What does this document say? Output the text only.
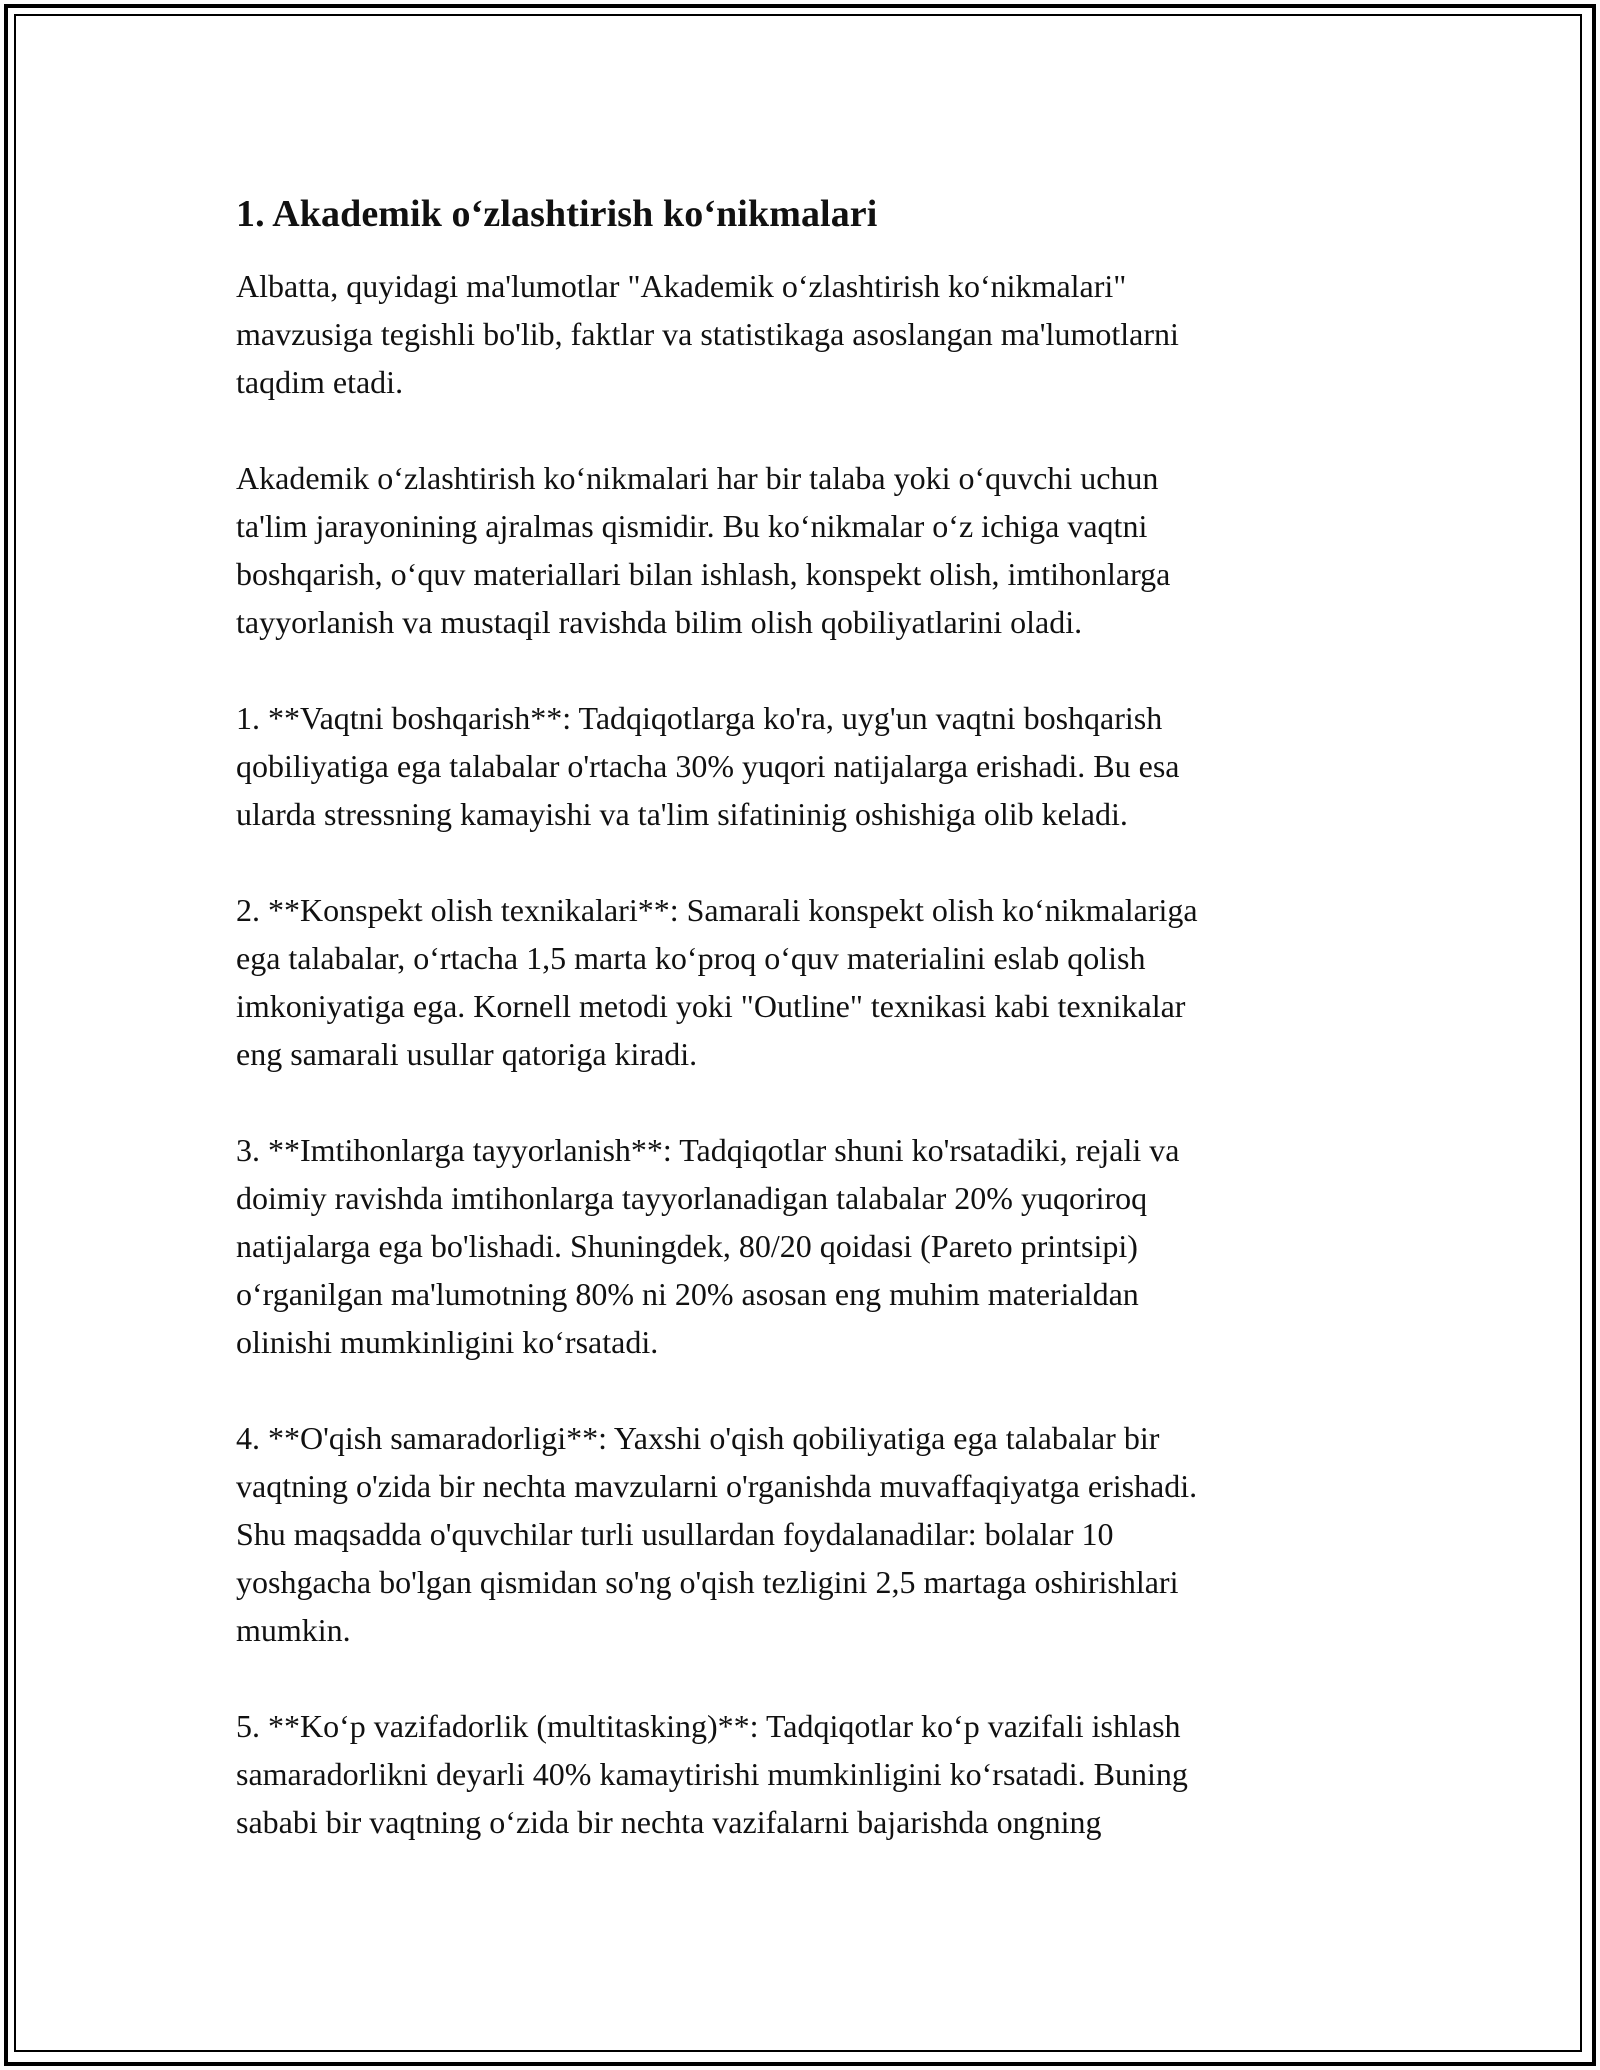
1. Akademik o‘zlashtirish ko‘nikmalari

Albatta, quyidagi ma'lumotlar "Akademik o‘zlashtirish ko‘nikmalari"
mavzusiga tegishli bo'lib, faktlar va statistikaga asoslangan ma'lumotlarni
taqdim etadi.

Akademik o‘zlashtirish ko‘nikmalari har bir talaba yoki o‘quvchi uchun
ta'lim jarayonining ajralmas qismidir. Bu ko‘nikmalar o‘z ichiga vaqtni
boshqarish, o‘quv materiallari bilan ishlash, konspekt olish, imtihonlarga
tayyorlanish va mustaqil ravishda bilim olish qobiliyatlarini oladi.

1. **Vaqtni boshqarish**: Tadqiqotlarga ko'ra, uyg'un vaqtni boshqarish
qobiliyatiga ega talabalar o'rtacha 30% yuqori natijalarga erishadi. Bu esa
ularda stressning kamayishi va ta'lim sifatininig oshishiga olib keladi.

2. **Konspekt olish texnikalari**: Samarali konspekt olish ko‘nikmalariga
ega talabalar, o‘rtacha 1,5 marta ko‘proq o‘quv materialini eslab qolish
imkoniyatiga ega. Kornell metodi yoki "Outline" texnikasi kabi texnikalar
eng samarali usullar qatoriga kiradi.

3. **Imtihonlarga tayyorlanish**: Tadqiqotlar shuni ko'rsatadiki, rejali va
doimiy ravishda imtihonlarga tayyorlanadigan talabalar 20% yuqoriroq
natijalarga ega bo'lishadi. Shuningdek, 80/20 qoidasi (Pareto printsipi)
o‘rganilgan ma'lumotning 80% ni 20% asosan eng muhim materialdan
olinishi mumkinligini ko‘rsatadi.

4. **O'qish samaradorligi**: Yaxshi o'qish qobiliyatiga ega talabalar bir
vaqtning o'zida bir nechta mavzularni o'rganishda muvaffaqiyatga erishadi.
Shu maqsadda o'quvchilar turli usullardan foydalanadilar: bolalar 10
yoshgacha bo'lgan qismidan so'ng o'qish tezligini 2,5 martaga oshirishlari
mumkin.

5. **Ko‘p vazifadorlik (multitasking)**: Tadqiqotlar ko‘p vazifali ishlash
samaradorlikni deyarli 40% kamaytirishi mumkinligini ko‘rsatadi. Buning
sababi bir vaqtning o‘zida bir nechta vazifalarni bajarishda ongning
